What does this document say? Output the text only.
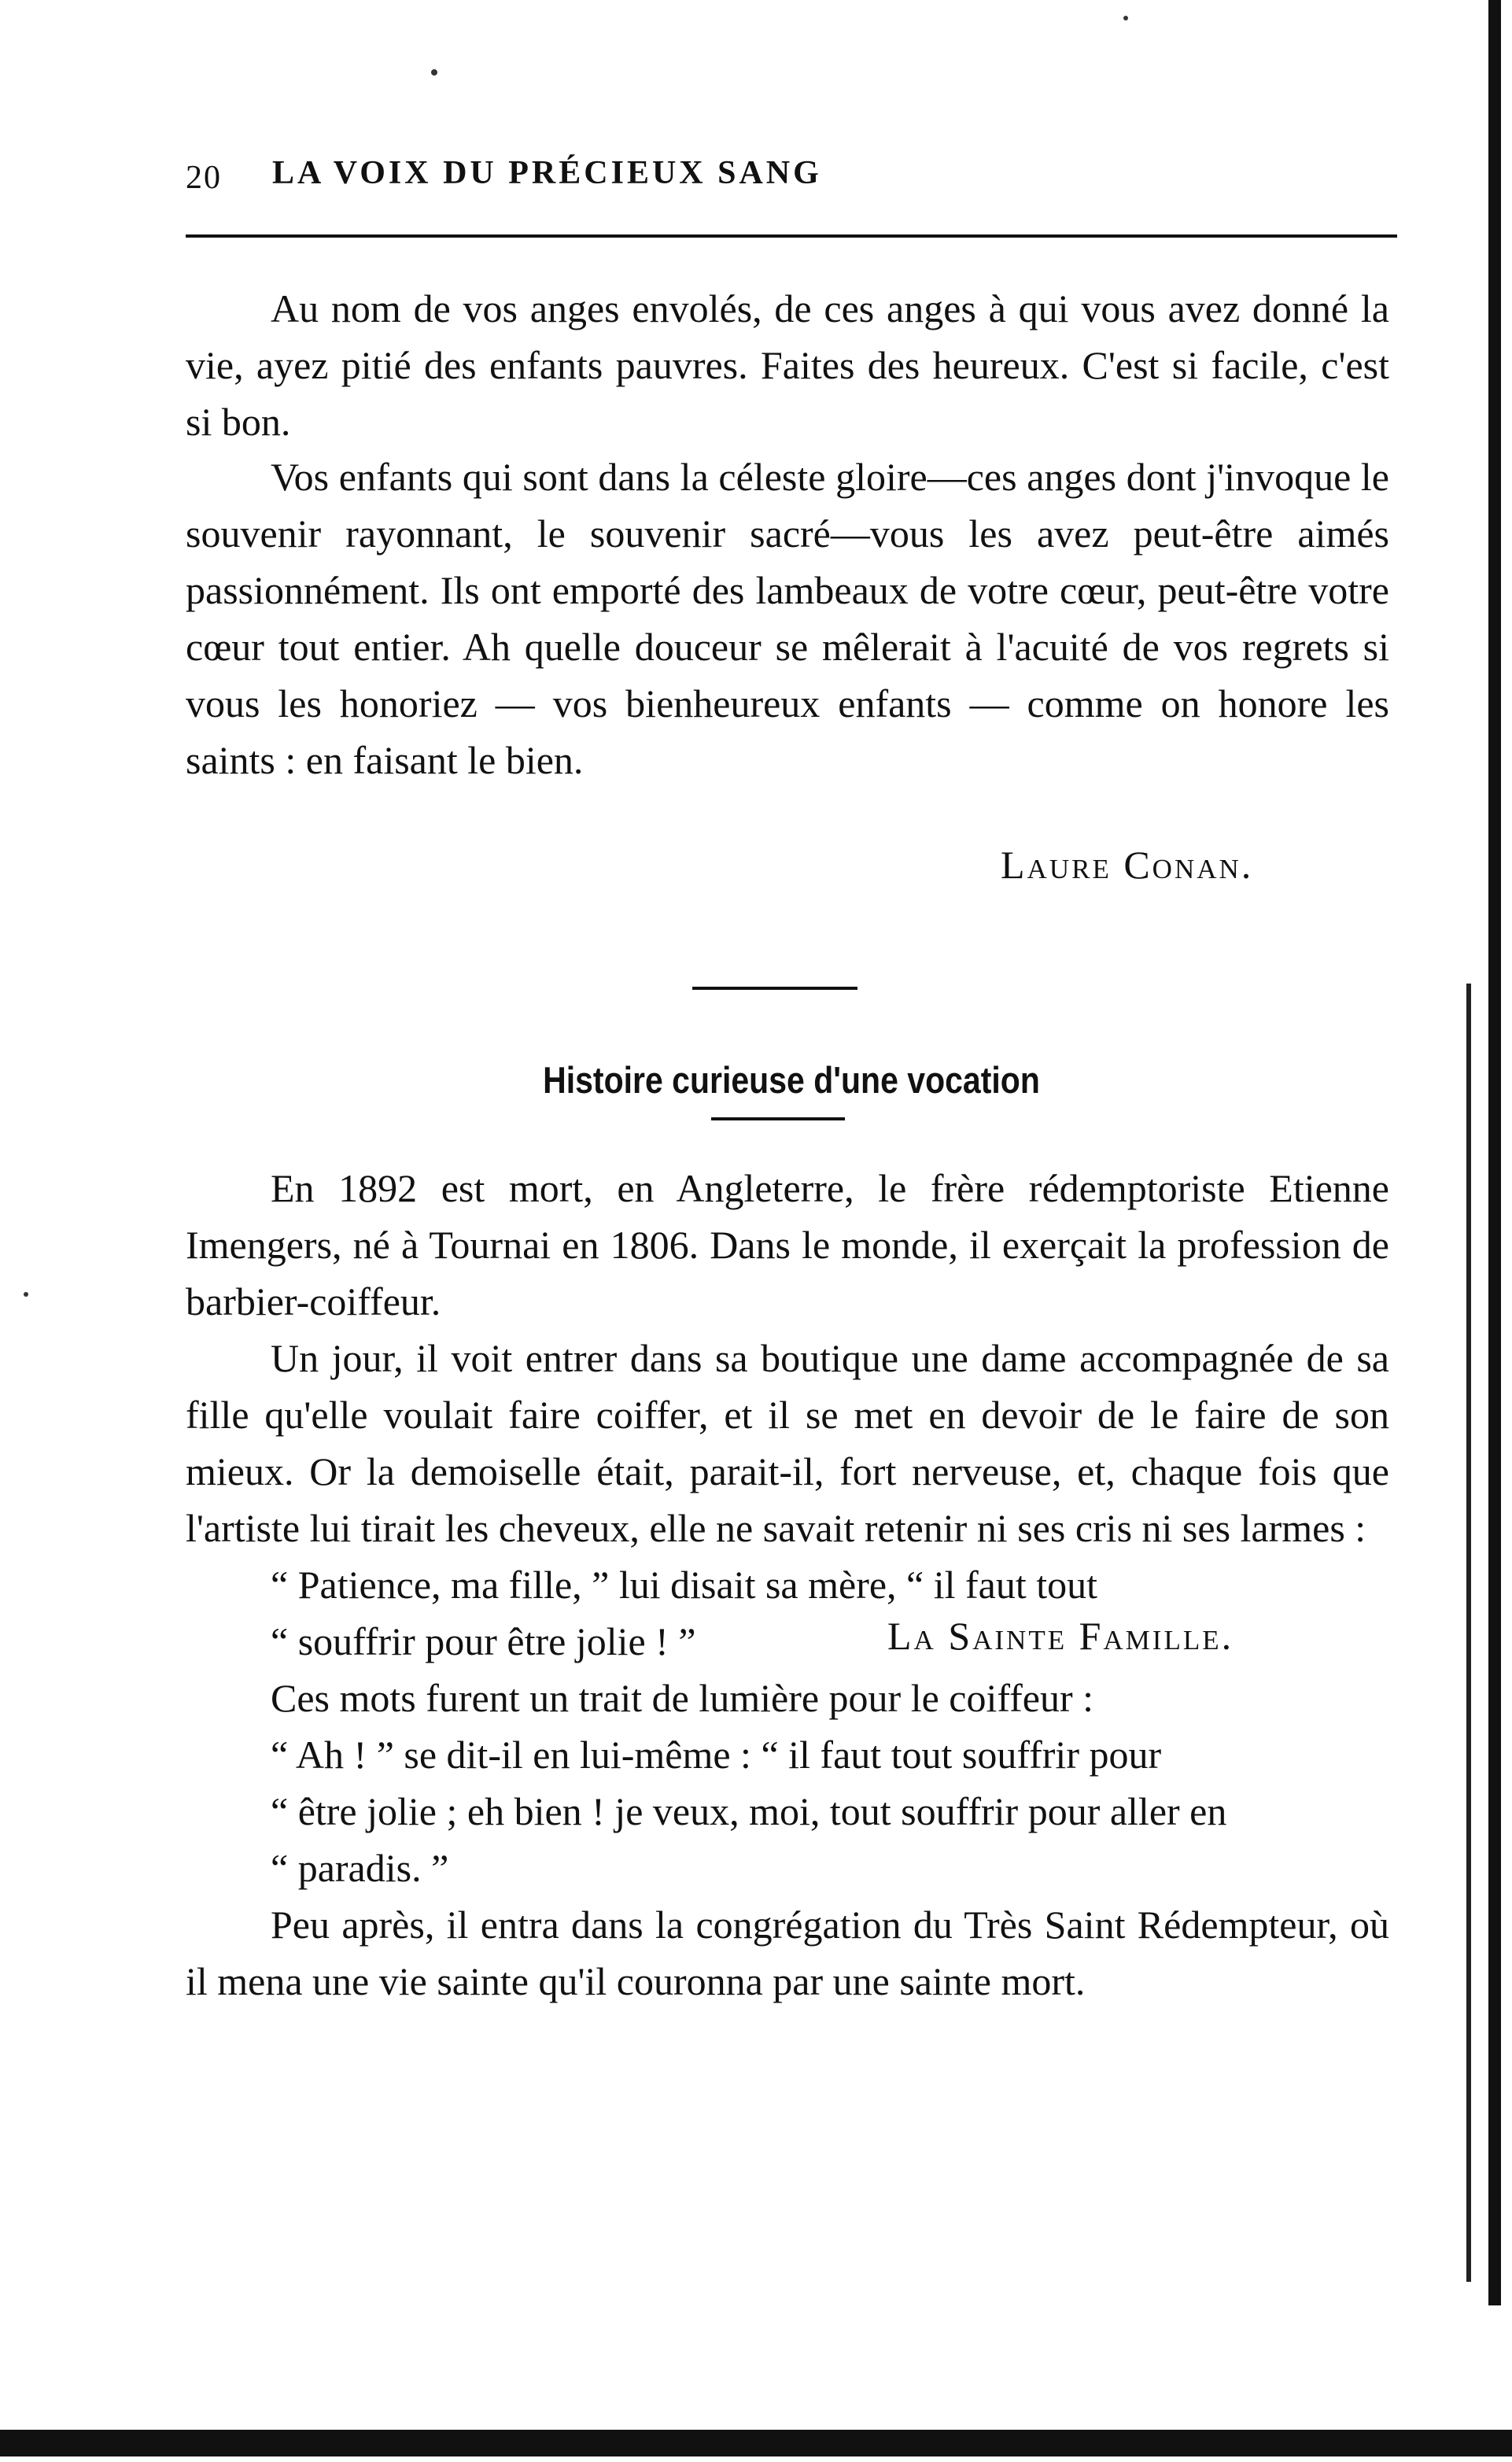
20 LA VOIX DU PRÉCIEUX SANG

Au nom de vos anges envolés, de ces anges à qui vous avez donné la vie, ayez pitié des enfants pauvres. Faites des heureux. C'est si facile, c'est si bon.

Vos enfants qui sont dans la céleste gloire—ces anges dont j'invoque le souvenir rayonnant, le souvenir sacré—vous les avez peut-être aimés passionnément. Ils ont emporté des lambeaux de votre cœur, peut-être votre cœur tout entier. Ah quelle douceur se mêlerait à l'acuité de vos regrets si vous les honoriez — vos bienheureux enfants — comme on honore les saints : en faisant le bien.

Laure Conan.
Histoire curieuse d'une vocation

En 1892 est mort, en Angleterre, le frère rédemptoriste Etienne Imengers, né à Tournai en 1806. Dans le monde, il exerçait la profession de barbier-coiffeur.

Un jour, il voit entrer dans sa boutique une dame accompagnée de sa fille qu'elle voulait faire coiffer, et il se met en devoir de le faire de son mieux. Or la demoiselle était, parait-il, fort nerveuse, et, chaque fois que l'artiste lui tirait les cheveux, elle ne savait retenir ni ses cris ni ses larmes :

“ Patience, ma fille, ” lui disait sa mère, “ il faut tout

“ souffrir pour être jolie ! ”

Ces mots furent un trait de lumière pour le coiffeur :

“ Ah ! ” se dit-il en lui-même : “ il faut tout souffrir pour

“ être jolie ; eh bien ! je veux, moi, tout souffrir pour aller en

“ paradis. ”

Peu après, il entra dans la congrégation du Très Saint Rédempteur, où il mena une vie sainte qu'il couronna par une sainte mort.

La Sainte Famille.
